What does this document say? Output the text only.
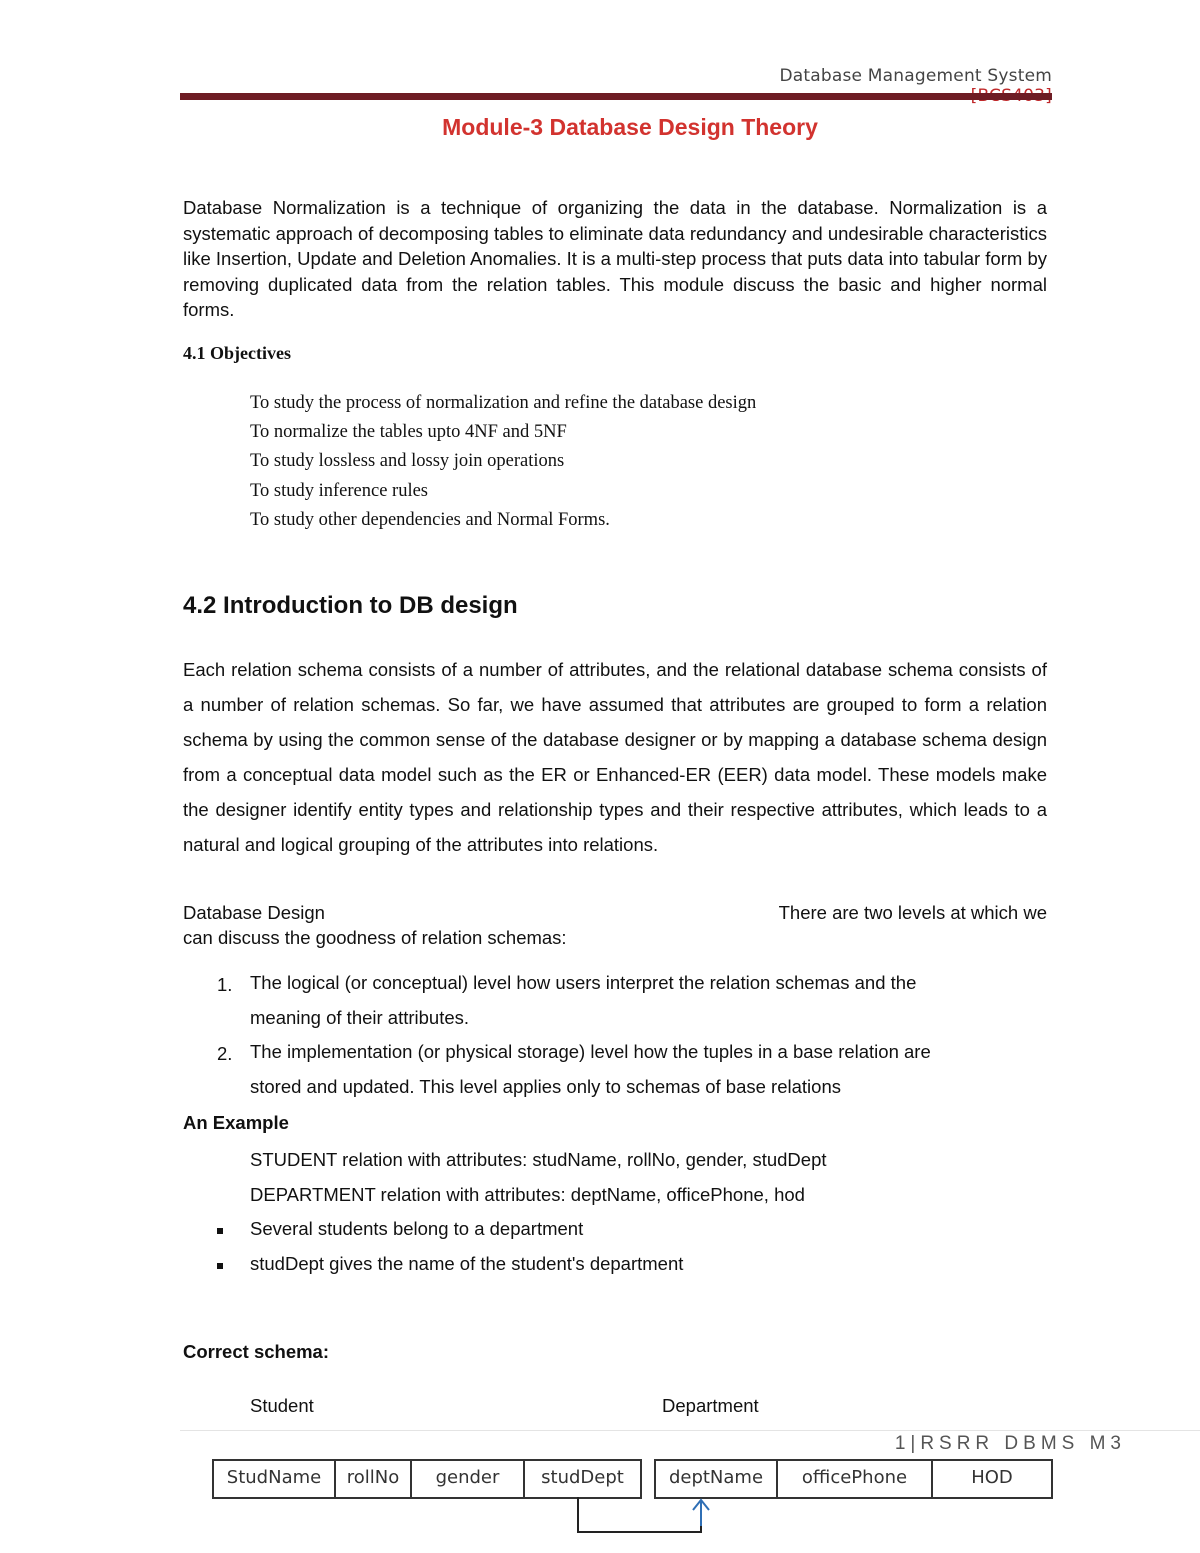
Database Management System
Module-3 Database Design Theory

Database Normalization is a technique of organizing the data in the database. Normalization is a systematic approach of decomposing tables to eliminate data redundancy and undesirable characteristics like Insertion, Update and Deletion Anomalies. It is a multi-step process that puts data into tabular form by removing duplicated data from the relation tables. This module discuss the basic and higher normal forms.

4.1 Objectives
To study the process of normalization and refine the database design
To normalize the tables upto 4NF and 5NF
To study lossless and lossy join operations
To study inference rules
To study other dependencies and Normal Forms.
4.2 Introduction to DB design

Each relation schema consists of a number of attributes, and the relational database schema consists of a number of relation schemas. So far, we have assumed that attributes are grouped to form a relation schema by using the common sense of the database designer or by mapping a database schema design from a conceptual data model such as the ER or Enhanced-ER (EER) data model. These models make the designer identify entity types and relationship types and their respective attributes, which leads to a natural and logical grouping of the attributes into relations.

Database Design	There are two levels at which we
can discuss the goodness of relation schemas:
1. The logical (or conceptual) level how users interpret the relation schemas and the
meaning of their attributes.
2. The implementation (or physical storage) level how the tuples in a base relation are
stored and updated. This level applies only to schemas of base relations
An Example
STUDENT relation with attributes: studName, rollNo, gender, studDept
DEPARTMENT relation with attributes: deptName, officePhone, hod
Several students belong to a department
studDept gives the name of the student's department
Correct schema:
Student	Department
1|RSRR DBMS M3
StudName	rollNo	gender	studDept	deptName	officePhone	HOD
